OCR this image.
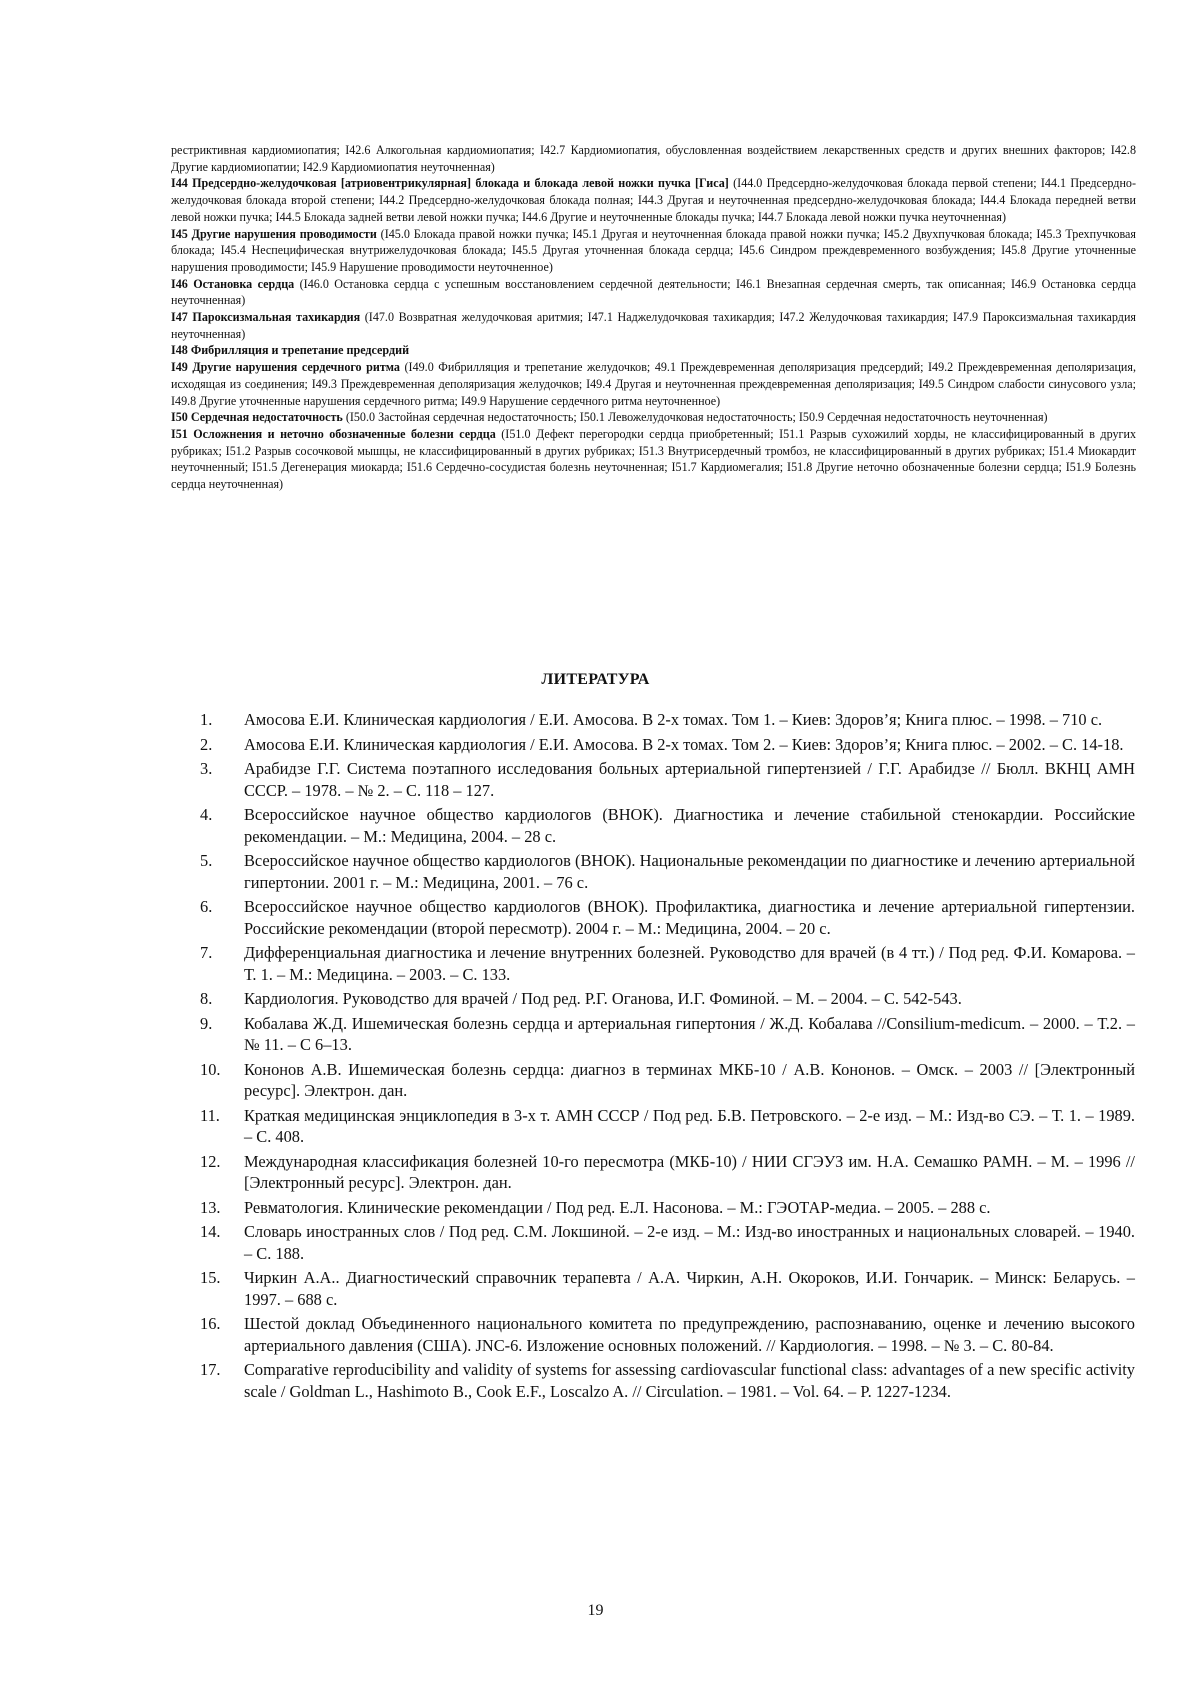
рестриктивная кардиомиопатия; I42.6 Алкогольная кардиомиопатия; I42.7 Кардиомиопатия, обусловленная воздействием лекарственных средств и других внешних факторов; I42.8 Другие кардиомиопатии; I42.9 Кардиомиопатия неуточненная)

I44 Предсердно-желудочковая [атриовентрикулярная] блокада и блокада левой ножки пучка [Гиса] (I44.0 Предсердно-желудочковая блокада первой степени; I44.1 Предсердно-желудочковая блокада второй степени; I44.2 Предсердно-желудочковая блокада полная; I44.3 Другая и неуточненная предсердно-желудочковая блокада; I44.4 Блокада передней ветви левой ножки пучка; I44.5 Блокада задней ветви левой ножки пучка; I44.6 Другие и неуточненные блокады пучка; I44.7 Блокада левой ножки пучка неуточненная)

I45 Другие нарушения проводимости (I45.0 Блокада правой ножки пучка; I45.1 Другая и неуточненная блокада правой ножки пучка; I45.2 Двухпучковая блокада; I45.3 Трехпучковая блокада; I45.4 Неспецифическая внутрижелудочковая блокада; I45.5 Другая уточненная блокада сердца; I45.6 Синдром преждевременного возбуждения; I45.8 Другие уточненные нарушения проводимости; I45.9 Нарушение проводимости неуточненное)

I46 Остановка сердца (I46.0 Остановка сердца с успешным восстановлением сердечной деятельности; I46.1 Внезапная сердечная смерть, так описанная; I46.9 Остановка сердца неуточненная)

I47 Пароксизмальная тахикардия (I47.0 Возвратная желудочковая аритмия; I47.1 Наджелудочковая тахикардия; I47.2 Желудочковая тахикардия; I47.9 Пароксизмальная тахикардия неуточненная)

I48 Фибрилляция и трепетание предсердий

I49 Другие нарушения сердечного ритма (I49.0 Фибрилляция и трепетание желудочков; 49.1 Преждевременная деполяризация предсердий; I49.2 Преждевременная деполяризация, исходящая из соединения; I49.3 Преждевременная деполяризация желудочков; I49.4 Другая и неуточненная преждевременная деполяризация; I49.5 Синдром слабости синусового узла; I49.8 Другие уточненные нарушения сердечного ритма; I49.9 Нарушение сердечного ритма неуточненное)

I50 Сердечная недостаточность (I50.0 Застойная сердечная недостаточность; I50.1 Левожелудочковая недостаточность; I50.9 Сердечная недостаточность неуточненная)

I51 Осложнения и неточно обозначенные болезни сердца (I51.0 Дефект перегородки сердца приобретенный; I51.1 Разрыв сухожилий хорды, не классифицированный в других рубриках; I51.2 Разрыв сосочковой мышцы, не классифицированный в других рубриках; I51.3 Внутрисердечный тромбоз, не классифицированный в других рубриках; I51.4 Миокардит неуточненный; I51.5 Дегенерация миокарда; I51.6 Сердечно-сосудистая болезнь неуточненная; I51.7 Кардиомегалия; I51.8 Другие неточно обозначенные болезни сердца; I51.9 Болезнь сердца неуточненная)

ЛИТЕРАТУРА
1.	Амосова Е.И. Клиническая кардиология / Е.И. Амосова. В 2-х томах. Том 1. – Киев: Здоров’я; Книга плюс. – 1998. – 710 с.
2.	Амосова Е.И. Клиническая кардиология / Е.И. Амосова. В 2-х томах. Том 2. – Киев: Здоров’я; Книга плюс. – 2002. – С. 14-18.
3.	Арабидзе Г.Г. Система поэтапного исследования больных артериальной гипертензией / Г.Г. Арабидзе // Бюлл. ВКНЦ АМН СССР. – 1978. – № 2. – С. 118 – 127.
4.	Всероссийское научное общество кардиологов (ВНОК). Диагностика и лечение стабильной стенокардии. Российские рекомендации. – М.: Медицина, 2004. – 28 с.
5.	Всероссийское научное общество кардиологов (ВНОК). Национальные рекомендации по диагностике и лечению артериальной гипертонии. 2001 г. – М.: Медицина, 2001. – 76 с.
6.	Всероссийское научное общество кардиологов (ВНОК). Профилактика, диагностика и лечение артериальной гипертензии. Российские рекомендации (второй пересмотр). 2004 г. – М.: Медицина, 2004. – 20 с.
7.	Дифференциальная диагностика и лечение внутренних болезней. Руководство для врачей (в 4 тт.) / Под ред. Ф.И. Комарова. – Т. 1. – М.: Медицина. – 2003. – С. 133.
8.	Кардиология. Руководство для врачей / Под ред. Р.Г. Оганова, И.Г. Фоминой. – М. – 2004. – С. 542-543.
9.	Кобалава Ж.Д. Ишемическая болезнь сердца и артериальная гипертония / Ж.Д. Кобалава //Consilium-medicum. – 2000. – Т.2. – № 11. – С 6–13.
10.	Кононов А.В. Ишемическая болезнь сердца: диагноз в терминах МКБ-10 / А.В. Кононов. – Омск. – 2003 // [Электронный ресурс]. Электрон. дан.
11.	Краткая медицинская энциклопедия в 3-х т. АМН СССР / Под ред. Б.В. Петровского. – 2-е изд. – М.: Изд-во СЭ. – Т. 1. – 1989. – С. 408.
12.	Международная классификация болезней 10-го пересмотра (МКБ-10) / НИИ СГЭУЗ им. Н.А. Семашко РАМН. – М. – 1996 // [Электронный ресурс]. Электрон. дан.
13.	Ревматология. Клинические рекомендации / Под ред. Е.Л. Насонова. – М.: ГЭОТАР-медиа. – 2005. – 288 с.
14.	Словарь иностранных слов / Под ред. С.М. Локшиной. – 2-е изд. – М.: Изд-во иностранных и национальных словарей. – 1940. – С. 188.
15.	Чиркин А.А.. Диагностический справочник терапевта / А.А. Чиркин, А.Н. Окороков, И.И. Гончарик. – Минск: Беларусь. – 1997. – 688 с.
16.	Шестой доклад Объединенного национального комитета по предупреждению, распознаванию, оценке и лечению высокого артериального давления (США). JNC-6. Изложение основных положений. // Кардиология. – 1998. – № 3. – С. 80-84.
17.	Comparative reproducibility and validity of systems for assessing cardiovascular functional class: advantages of a new specific activity scale / Goldman L., Hashimoto B., Cook E.F., Loscalzo A. // Circulation. – 1981. – Vol. 64. – P. 1227-1234.
19
